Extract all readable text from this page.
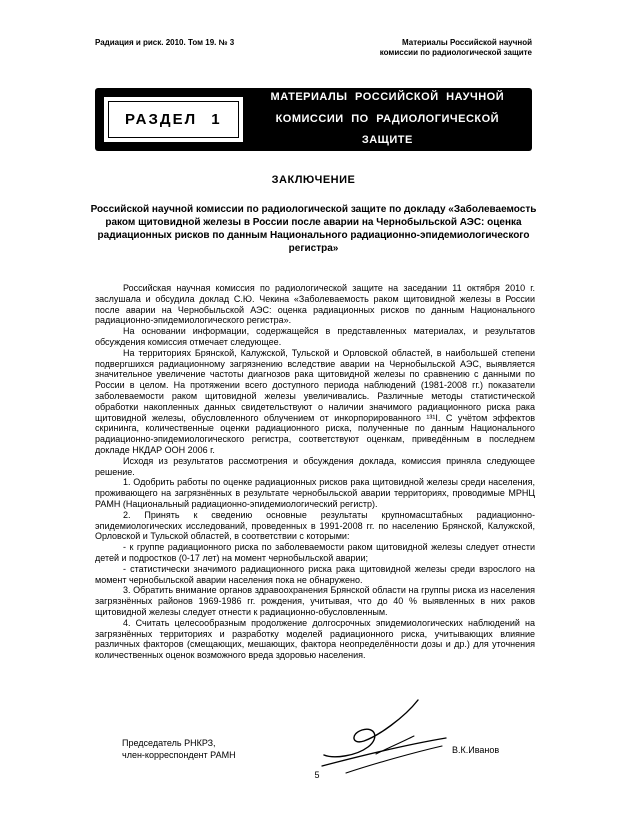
Радиация и риск. 2010. Том 19. № 3	Материалы Российской научной
комиссии по радиологической защите
РАЗДЕЛ 1
МАТЕРИАЛЫ РОССИЙСКОЙ НАУЧНОЙ
КОМИССИИ ПО РАДИОЛОГИЧЕСКОЙ ЗАЩИТЕ
ЗАКЛЮЧЕНИЕ
Российской научной комиссии по радиологической защите по докладу «Заболеваемость раком щитовидной железы в России после аварии на Чернобыльской АЭС: оценка радиационных рисков по данным Национального радиационно-эпидемиологического регистра»

Российская научная комиссия по радиологической защите на заседании 11 октября 2010 г. заслушала и обсудила доклад С.Ю. Чекина «Заболеваемость раком щитовидной железы в России после аварии на Чернобыльской АЭС: оценка радиационных рисков по данным Национального радиационно-эпидемиологического регистра».

На основании информации, содержащейся в представленных материалах, и результатов обсуждения комиссия отмечает следующее.

На территориях Брянской, Калужской, Тульской и Орловской областей, в наибольшей степени подвергшихся радиационному загрязнению вследствие аварии на Чернобыльской АЭС, выявляется значительное увеличение частоты диагнозов рака щитовидной железы по сравнению с данными по России в целом. На протяжении всего доступного периода наблюдений (1981-2008 гг.) показатели заболеваемости раком щитовидной железы увеличивались. Различные методы статистической обработки накопленных данных свидетельствуют о наличии значимого радиационного риска рака щитовидной железы, обусловленного облучением от инкорпорированного ¹³¹I. С учётом эффектов скрининга, количественные оценки радиационного риска, полученные по данным Национального радиационно-эпидемиологического регистра, соответствуют оценкам, приведённым в последнем докладе НКДАР ООН 2006 г.

Исходя из результатов рассмотрения и обсуждения доклада, комиссия приняла следующее решение.

1. Одобрить работы по оценке радиационных рисков рака щитовидной железы среди населения, проживающего на загрязнённых в результате чернобыльской аварии территориях, проводимые МРНЦ РАМН (Национальный радиационно-эпидемиологический регистр).

2. Принять к сведению основные результаты крупномасштабных радиационно-эпидемиологических исследований, проведенных в 1991-2008 гг. по населению Брянской, Калужской, Орловской и Тульской областей, в соответствии с которыми:

- к группе радиационного риска по заболеваемости раком щитовидной железы следует отнести детей и подростков (0-17 лет) на момент чернобыльской аварии;

- статистически значимого радиационного риска рака щитовидной железы среди взрослого на момент чернобыльской аварии населения пока не обнаружено.

3. Обратить внимание органов здравоохранения Брянской области на группы риска из населения загрязнённых районов 1969-1986 гг. рождения, учитывая, что до 40 % выявленных в них раков щитовидной железы следует отнести к радиационно-обусловленным.

4. Считать целесообразным продолжение долгосрочных эпидемиологических наблюдений на загрязнённых территориях и разработку моделей радиационного риска, учитывающих влияние различных факторов (смещающих, мешающих, фактора неопределённости дозы и др.) для уточнения количественных оценок возможного вреда здоровью населения.

Председатель РНКРЗ,
член-корреспондент РАМН	В.К.Иванов
5
